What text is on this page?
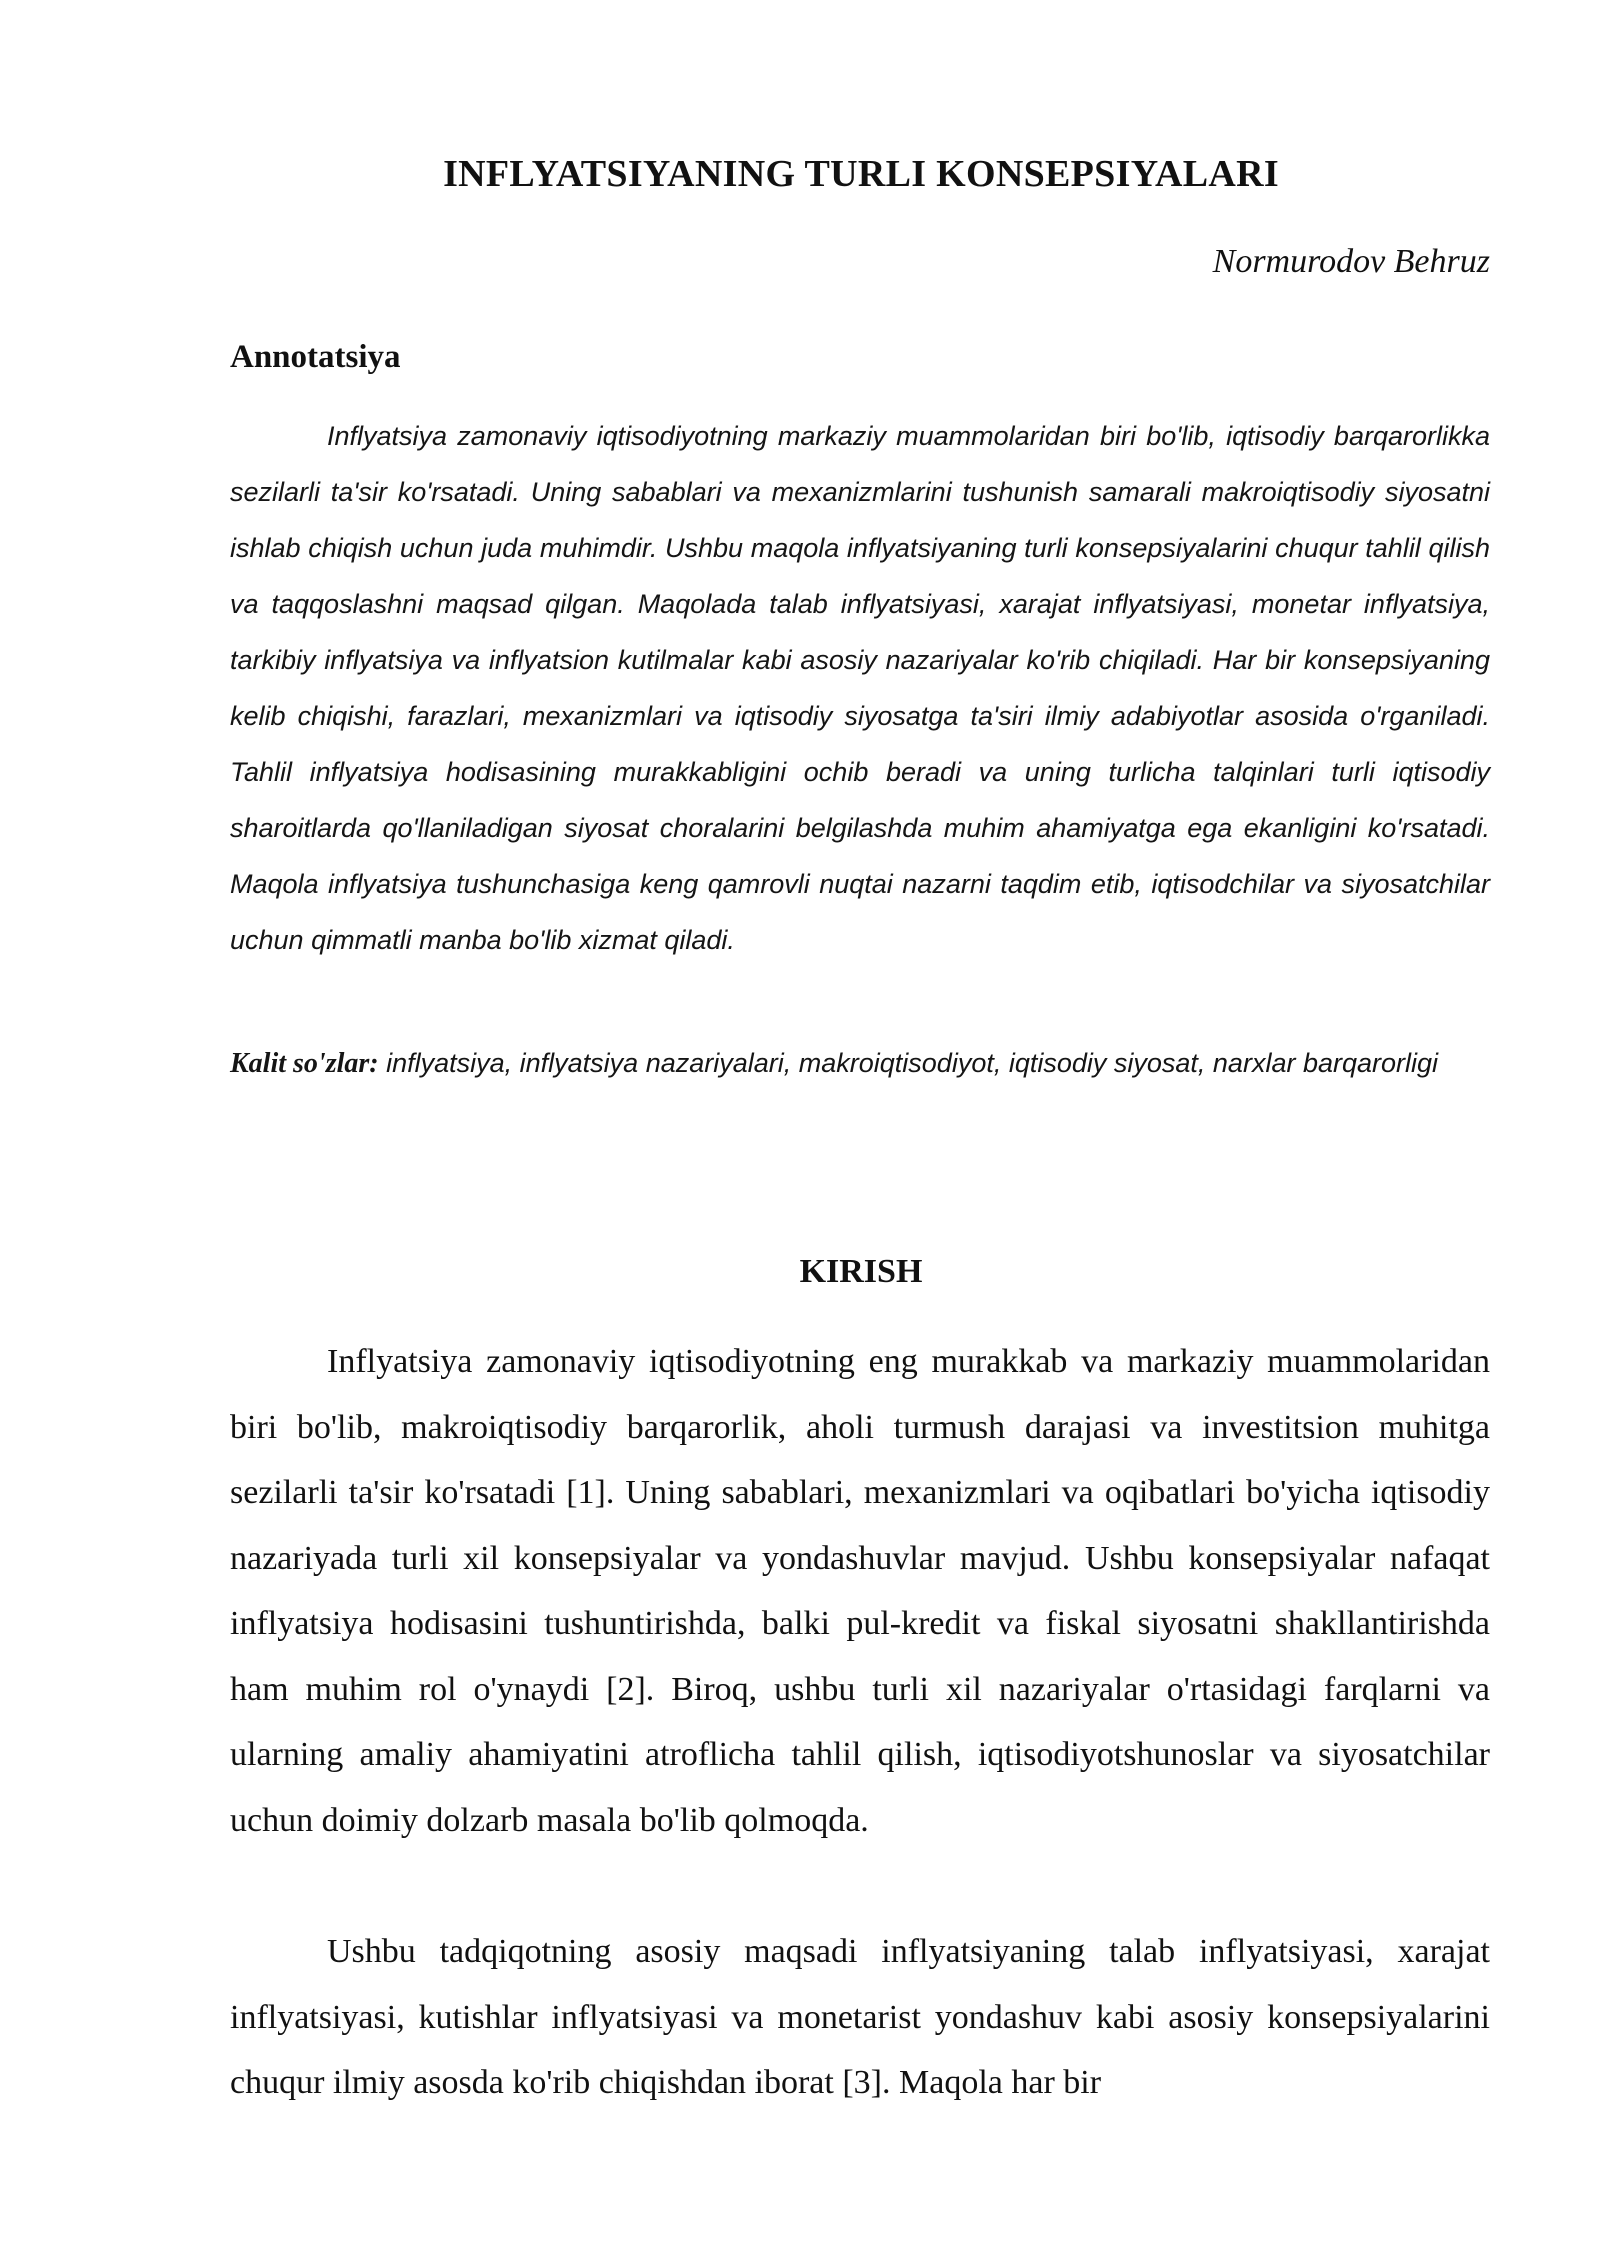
INFLYATSIYANING TURLI KONSEPSIYALARI

Normurodov Behruz

Annotatsiya

Inflyatsiya zamonaviy iqtisodiyotning markaziy muammolaridan biri bo'lib, iqtisodiy barqarorlikka sezilarli ta'sir ko'rsatadi. Uning sabablari va mexanizmlarini tushunish samarali makroiqtisodiy siyosatni ishlab chiqish uchun juda muhimdir. Ushbu maqola inflyatsiyaning turli konsepsiyalarini chuqur tahlil qilish va taqqoslashni maqsad qilgan. Maqolada talab inflyatsiyasi, xarajat inflyatsiyasi, monetar inflyatsiya, tarkibiy inflyatsiya va inflyatsion kutilmalar kabi asosiy nazariyalar ko'rib chiqiladi. Har bir konsepsiyaning kelib chiqishi, farazlari, mexanizmlari va iqtisodiy siyosatga ta'siri ilmiy adabiyotlar asosida o'rganiladi. Tahlil inflyatsiya hodisasining murakkabligini ochib beradi va uning turlicha talqinlari turli iqtisodiy sharoitlarda qo'llaniladigan siyosat choralarini belgilashda muhim ahamiyatga ega ekanligini ko'rsatadi. Maqola inflyatsiya tushunchasiga keng qamrovli nuqtai nazarni taqdim etib, iqtisodchilar va siyosatchilar uchun qimmatli manba bo'lib xizmat qiladi.

Kalit so'zlar: inflyatsiya, inflyatsiya nazariyalari, makroiqtisodiyot, iqtisodiy siyosat, narxlar barqarorligi

KIRISH

Inflyatsiya zamonaviy iqtisodiyotning eng murakkab va markaziy muammolaridan biri bo'lib, makroiqtisodiy barqarorlik, aholi turmush darajasi va investitsion muhitga sezilarli ta'sir ko'rsatadi [1]. Uning sabablari, mexanizmlari va oqibatlari bo'yicha iqtisodiy nazariyada turli xil konsepsiyalar va yondashuvlar mavjud. Ushbu konsepsiyalar nafaqat inflyatsiya hodisasini tushuntirishda, balki pul-kredit va fiskal siyosatni shakllantirishda ham muhim rol o'ynaydi [2]. Biroq, ushbu turli xil nazariyalar o'rtasidagi farqlarni va ularning amaliy ahamiyatini atroflicha tahlil qilish, iqtisodiyotshunoslar va siyosatchilar uchun doimiy dolzarb masala bo'lib qolmoqda.

Ushbu tadqiqotning asosiy maqsadi inflyatsiyaning talab inflyatsiyasi, xarajat inflyatsiyasi, kutishlar inflyatsiyasi va monetarist yondashuv kabi asosiy konsepsiyalarini chuqur ilmiy asosda ko'rib chiqishdan iborat [3]. Maqola har bir
